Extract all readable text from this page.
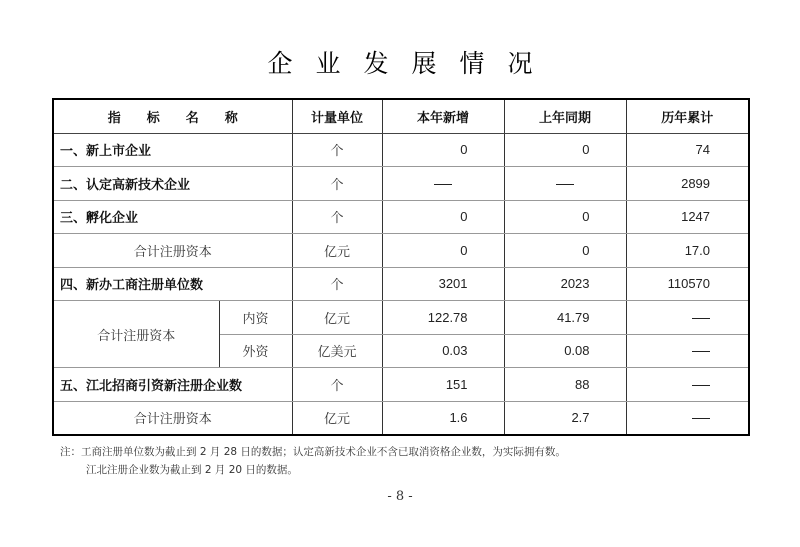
企业发展情况
指标名称		计量单位	本年新增	上年同期	历年累计
一、新上市企业		个	0	0	74
二、认定高新技术企业		个			2899
三、孵化企业		个	0	0	1247
合计注册资本		亿元	0	0	17.0
四、新办工商注册单位数		个	3201	2023	110570
合计注册资本	内资	亿元	122.78	41.79	
	外资	亿美元	0.03	0.08	
五、江北招商引资新注册企业数		个	151	88	
合计注册资本		亿元	1.6	2.7	
注：工商注册单位数为截止到 2 月 28 日的数据；认定高新技术企业不含已取消资格企业数，为实际拥有数。
江北注册企业数为截止到 2 月 20 日的数据。
- 8 -
